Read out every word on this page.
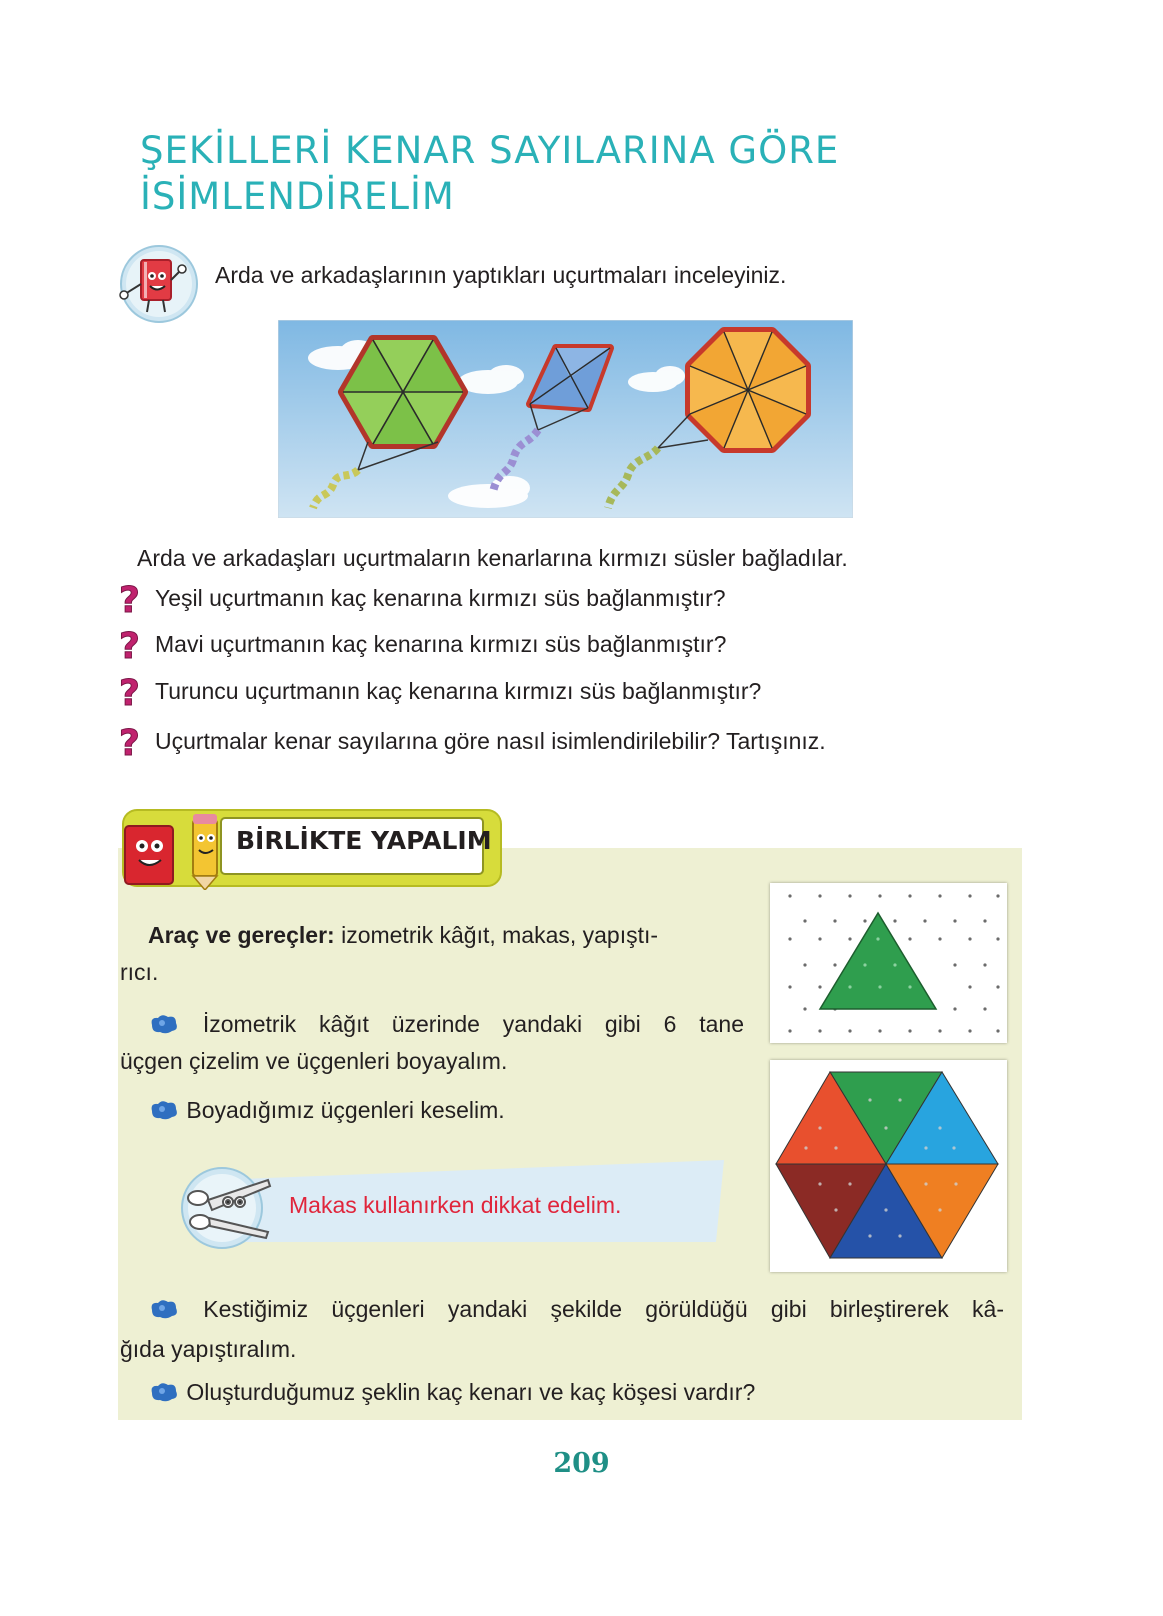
ŞEKİLLERİ KENAR SAYILARINA GÖRE
İSİMLENDİRELİM
Arda ve arkadaşlarının yaptıkları uçurtmaları inceleyiniz.
Arda ve arkadaşları uçurtmaların kenarlarına kırmızı süsler bağladılar.
? Yeşil uçurtmanın kaç kenarına kırmızı süs bağlanmıştır?
? Mavi uçurtmanın kaç kenarına kırmızı süs bağlanmıştır?
? Turuncu uçurtmanın kaç kenarına kırmızı süs bağlanmıştır?
? Uçurtmalar kenar sayılarına göre nasıl isimlendirilebilir? Tartışınız.
BİRLİKTE YAPALIM
Araç ve gereçler: izometrik kâğıt, makas, yapıştı-
rıcı.
İzometrik kâğıt üzerinde yandaki gibi 6 tane
üçgen çizelim ve üçgenleri boyayalım.
Boyadığımız üçgenleri keselim.
Makas kullanırken dikkat edelim.
Kestiğimiz üçgenleri yandaki şekilde görüldüğü gibi birleştirerek kâ-
ğıda yapıştıralım.
Oluşturduğumuz şeklin kaç kenarı ve kaç köşesi vardır?
209
